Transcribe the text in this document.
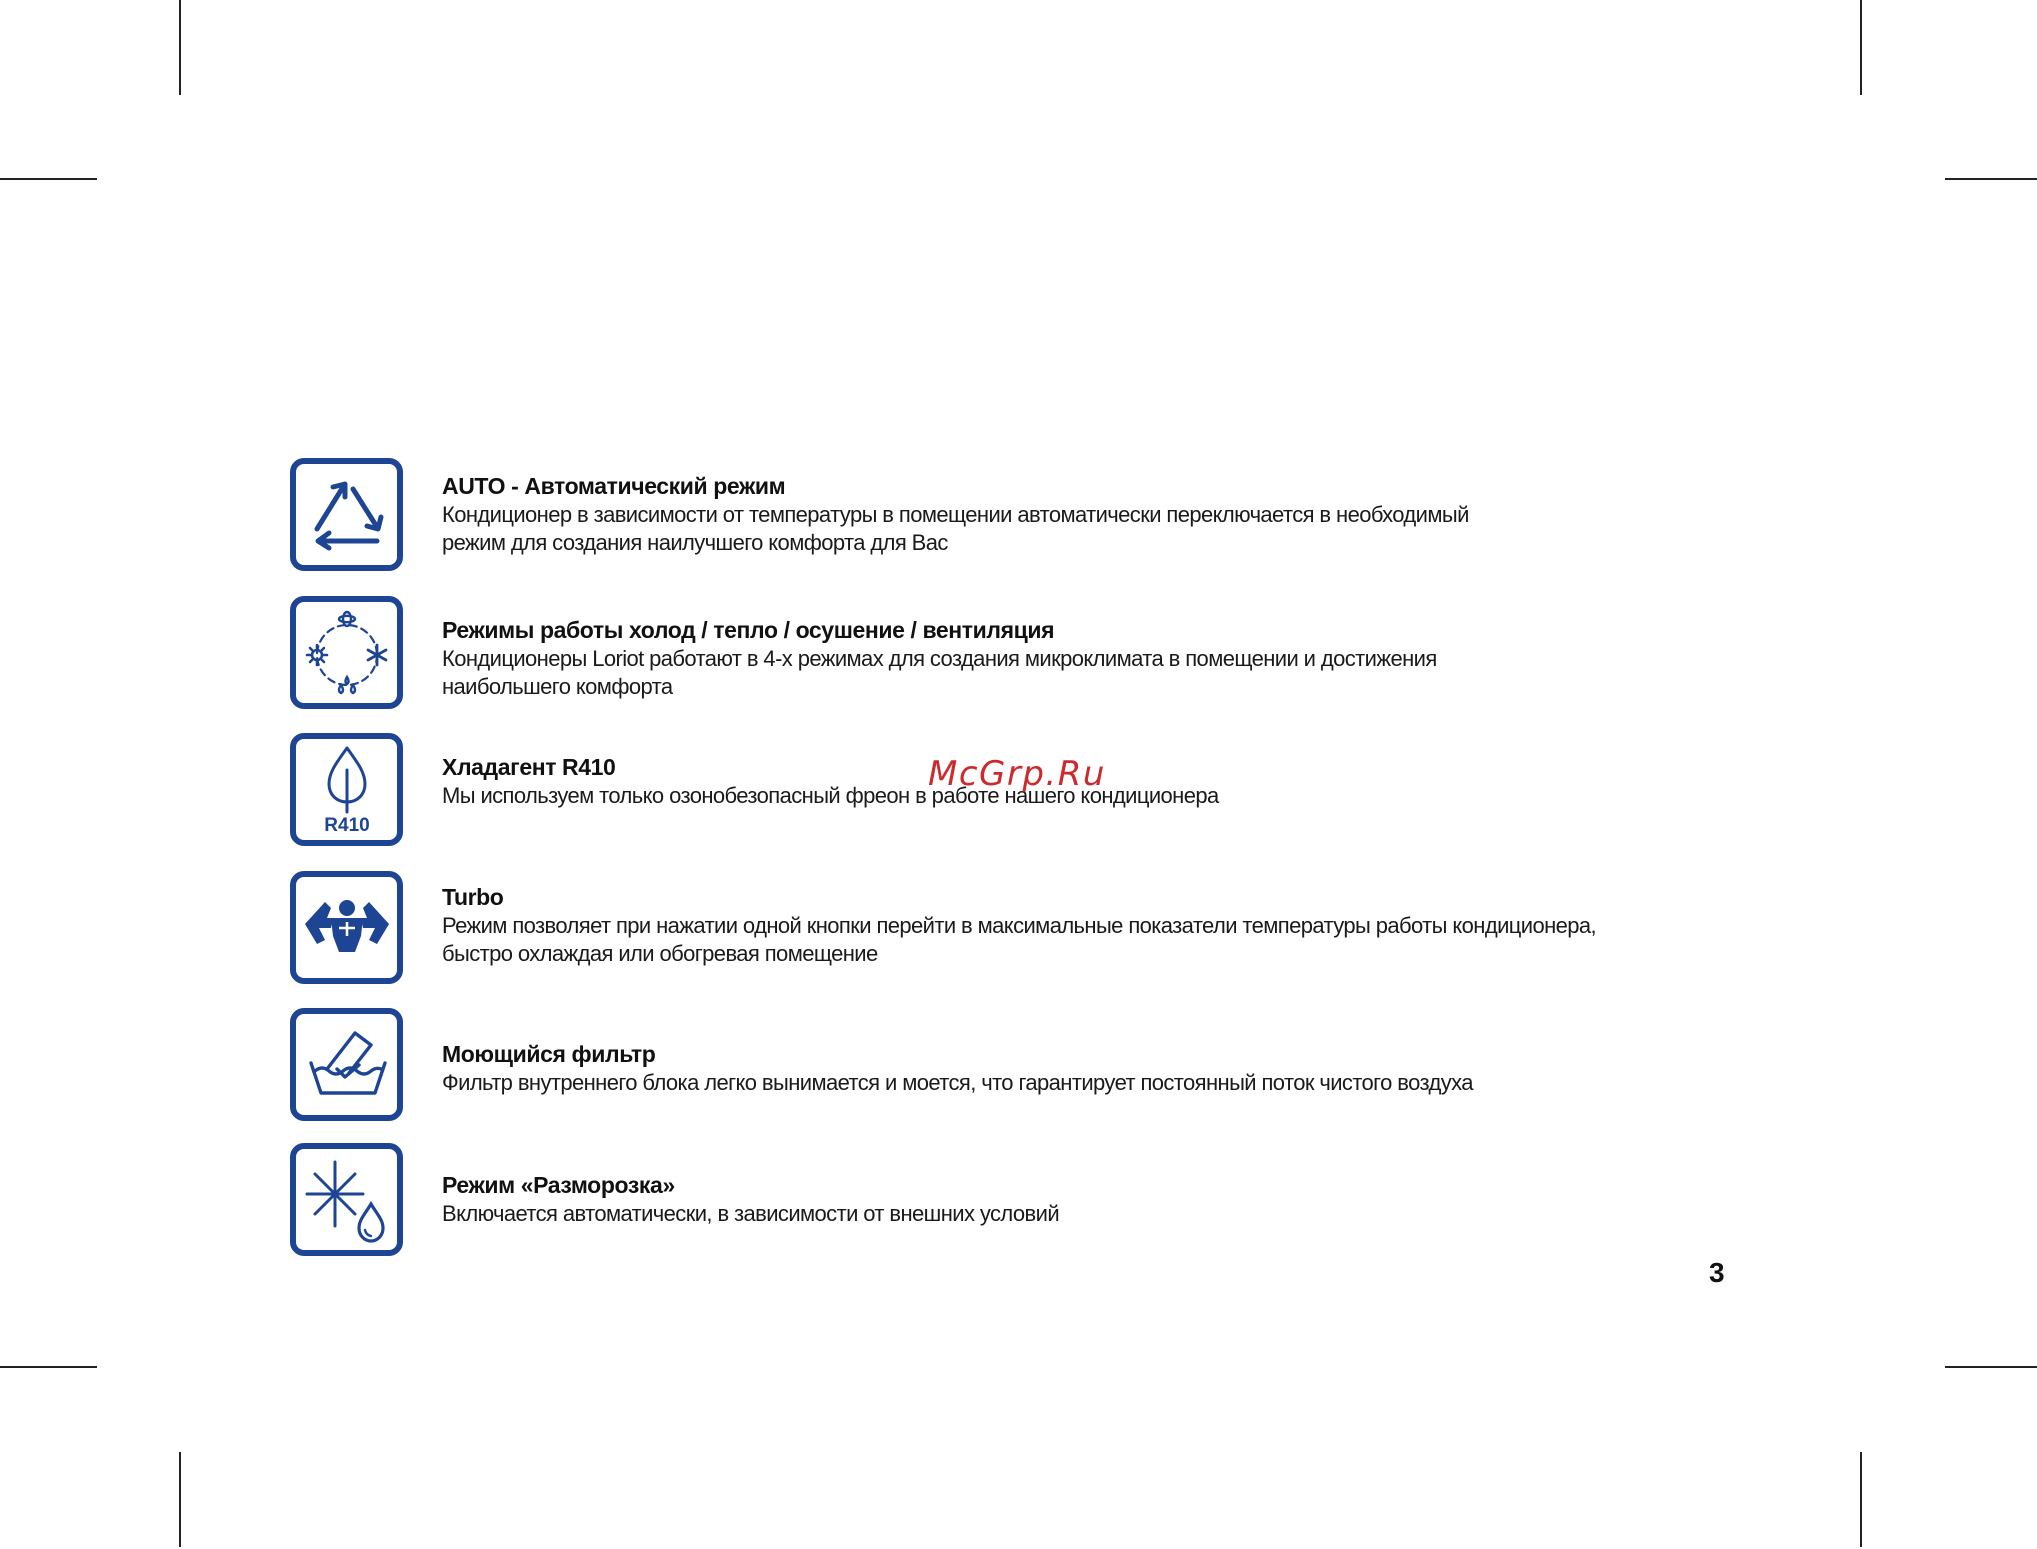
AUTO - Автоматический режим
Кондиционер в зависимости от температуры в помещении автоматически переключается в необходимый
режим для создания наилучшего комфорта для Вас
Режимы работы холод / тепло / осушение / вентиляция
Кондиционеры Loriot работают в 4-х режимах для создания микроклимата в помещении и достижения
наибольшего комфорта
R410
Хладагент R410
Мы используем только озонобезопасный фреон в работе нашего кондиционера
Turbo
Режим позволяет при нажатии одной кнопки перейти в максимальные показатели температуры работы кондиционера,
быстро охлаждая или обогревая помещение
Моющийся фильтр
Фильтр внутреннего блока легко вынимается и моется, что гарантирует постоянный поток чистого воздуха
Режим «Разморозка»
Включается автоматически, в зависимости от внешних условий
McGrp.Ru
3
